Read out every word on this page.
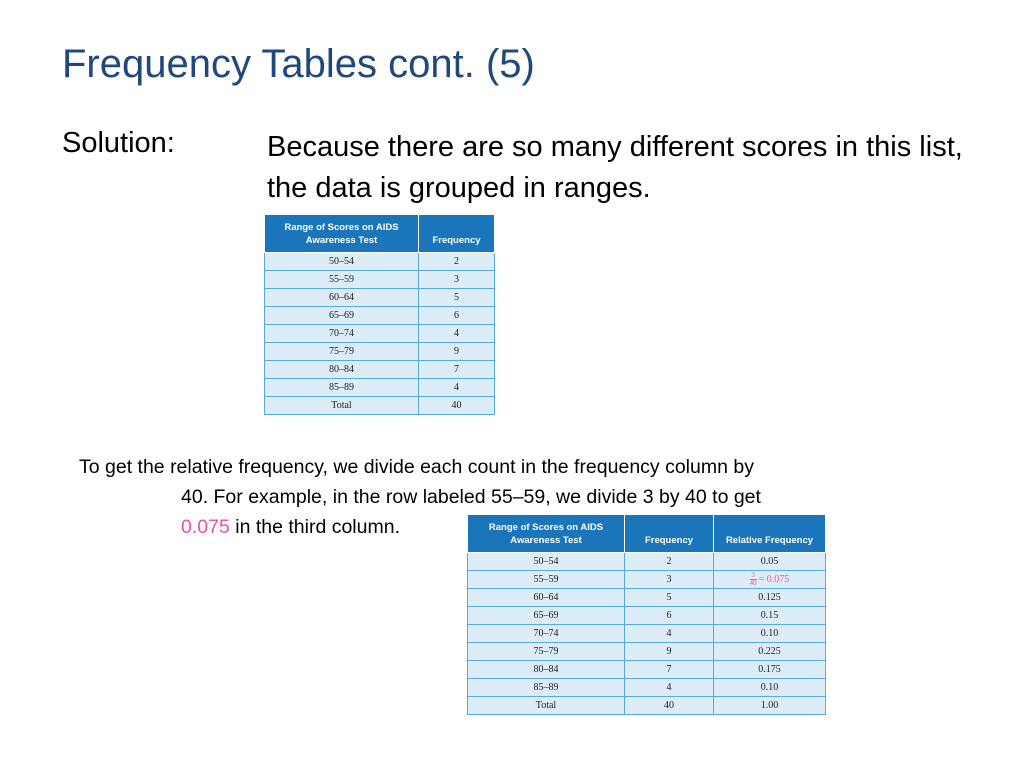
Frequency Tables cont. (5)
Solution:	Because there are so many different scores in this list, the data is grouped in ranges.
Range of Scores on AIDS Awareness Test	Frequency
50–54	2
55–59	3
60–64	5
65–69	6
70–74	4
75–79	9
80–84	7
85–89	4
Total	40
To get the relative frequency, we divide each count in the frequency column by
40. For example, in the row labeled 55–59, we divide 3 by 40 to get
0.075 in the third column.	Range of Scores on AIDS Awareness Test	Frequency	Relative Frequency
50–54	2	0.05
55–59	3	$\frac{3}{40} = 0.075$
60–64	5	0.125
65–69	6	0.15
70–74	4	0.10
75–79	9	0.225
80–84	7	0.175
85–89	4	0.10
Total	40	1.00
